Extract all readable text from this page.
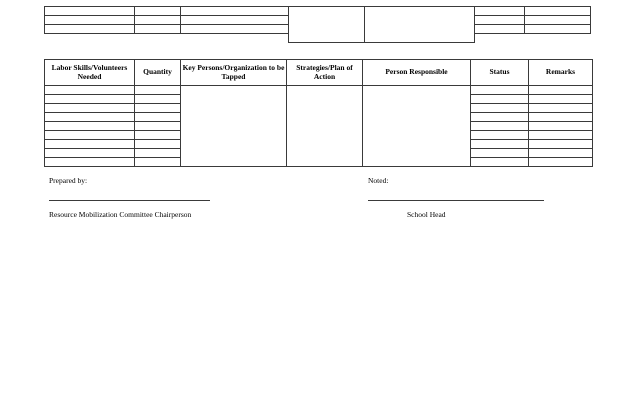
Labor Skills/Volunteers Needed	Quantity	Key Persons/Organization to be Tapped	Strategies/Plan of Action	Person Responsible	Status	Remarks

Prepared by:	Noted:
Resource Mobilization Committee Chairperson	School Head
